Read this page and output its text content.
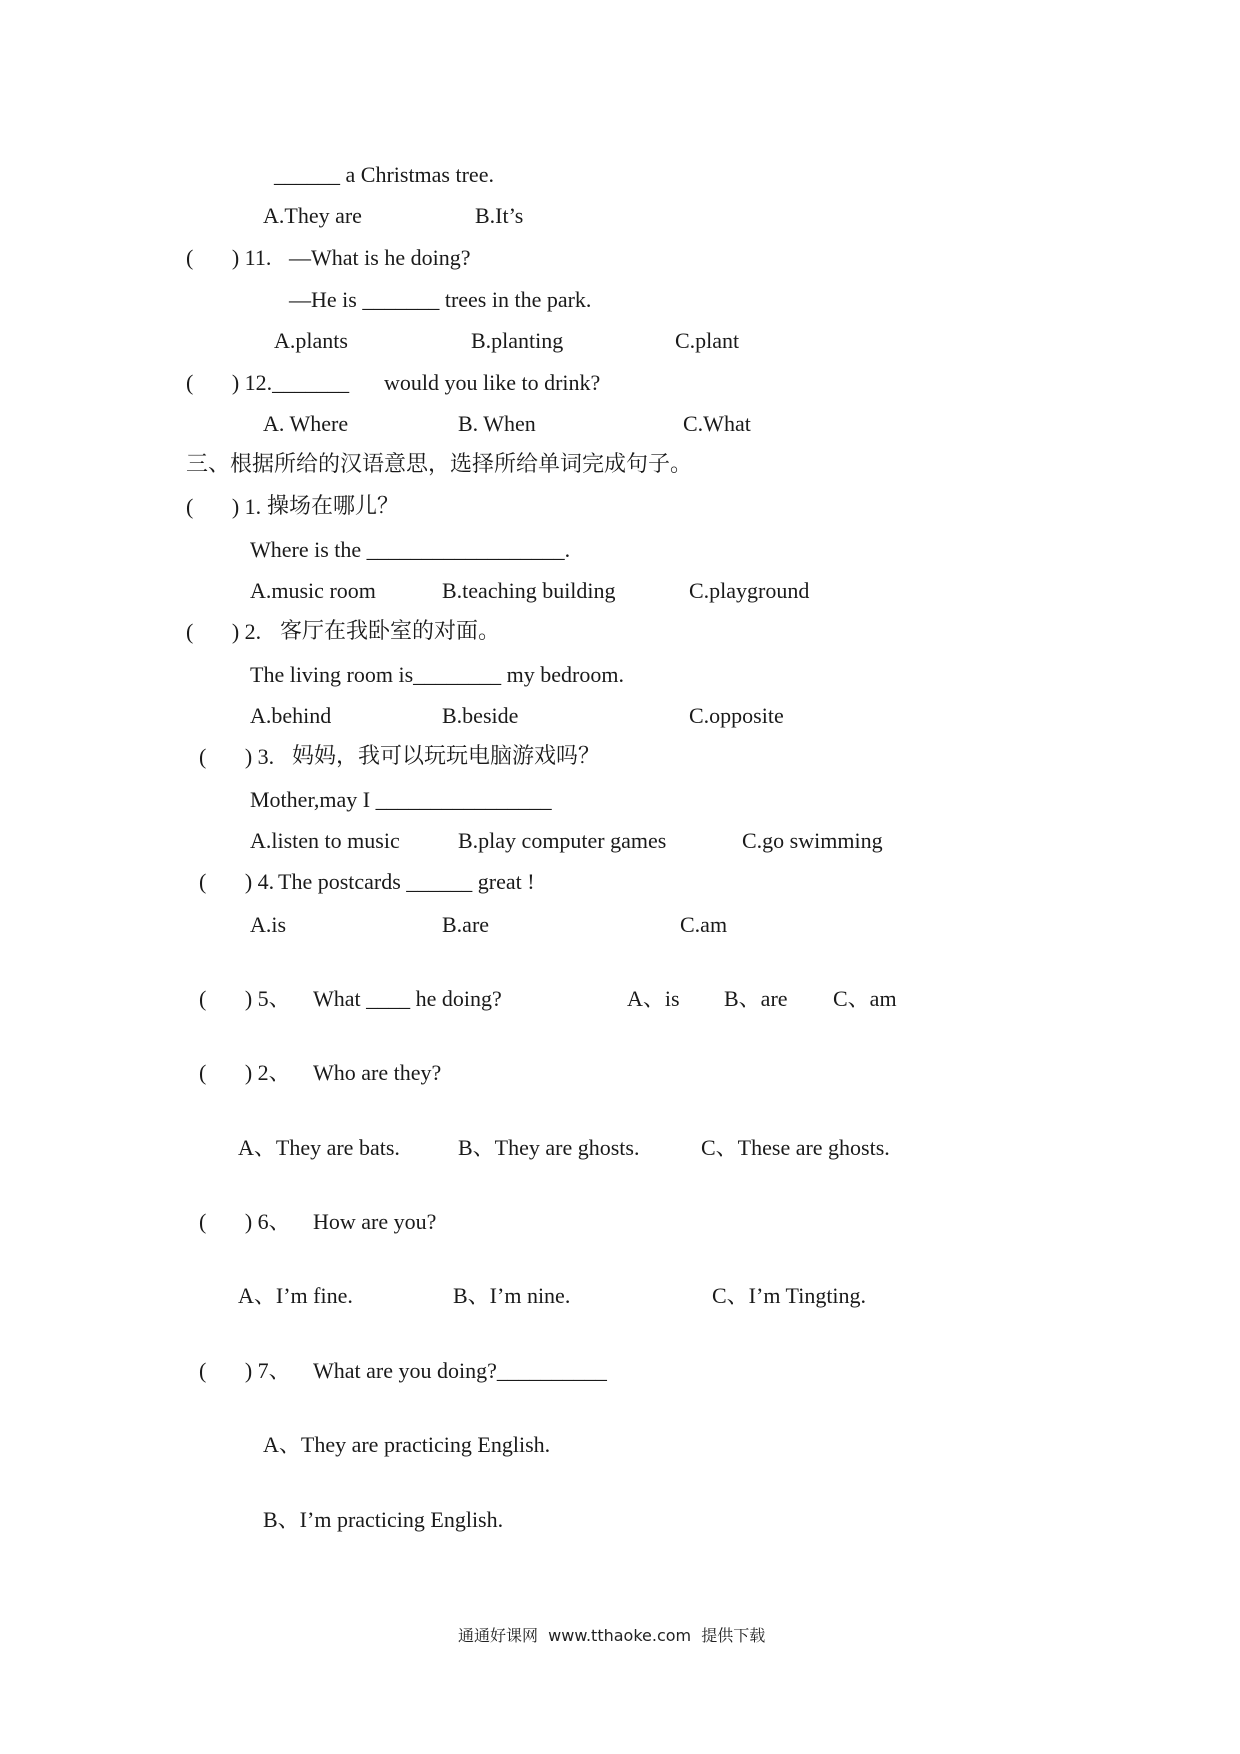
______ a Christmas tree.
A.They are	B.It’s
(       ) 11. —What is he doing?
—He is _______ trees in the park.
A.plants	B.planting	C.plant
(       ) 12._______ would you like to drink?
A. Where	B. When	C.What
三、根据所给的汉语意思，选择所给单词完成句子。
(       ) 1. 操场在哪儿？
Where is the __________________.
A.music room	B.teaching building	C.playground
(       ) 2. 客厅在我卧室的对面。
The living room is________ my bedroom.
A.behind	B.beside	C.opposite
(       ) 3. 妈妈，我可以玩玩电脑游戏吗？
Mother,may I ________________
A.listen to music	B.play computer games	C.go swimming
(       ) 4. The postcards ______ great !
A.is	B.are	C.am
(       ) 5、 What ____ he doing?	A、is B、are C、am
(       ) 2、 Who are they?
A、They are bats.	B、They are ghosts.	C、These are ghosts.
(       ) 6、 How are you?
A、I’m fine.	B、I’m nine.	C、I’m Tingting.
(       ) 7、 What are you doing?__________
A、They are practicing English.
B、I’m practicing English.
通通好课网  www.tthaoke.com  提供下载
